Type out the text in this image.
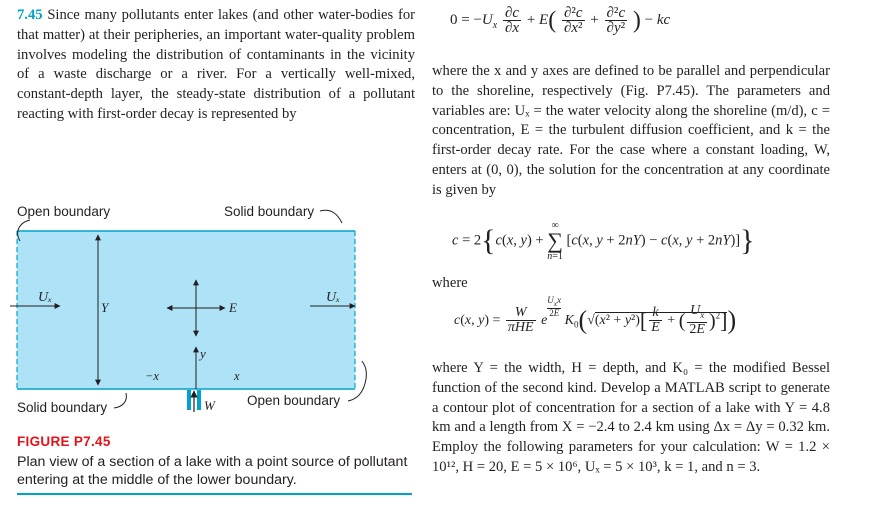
7.45 Since many pollutants enter lakes (and other water-bodies for that matter) at their peripheries, an important water-quality problem involves modeling the distribution of contaminants in the vicinity of a waste discharge or a river. For a vertically well-mixed, constant-depth layer, the steady-state distribution of a pollutant reacting with first-order decay is represented by
Open boundary	Solid boundary
Solid boundary	Open boundary
Uₓ	Uₓ
Y	E
y
−x	x
W
FIGURE P7.45
Plan view of a section of a lake with a point source of pollutant entering at the middle of the lower boundary.
$0 = -U_x \frac{\partial c}{\partial x} + E( \frac{\text{∂²c}}{\text{∂x²}} + \frac{\text{∂²c}}{\text{∂y²}}$ ) − kc
where the x and y axes are defined to be parallel and perpendicular to the shoreline, respectively (Fig. P7.45). The parameters and variables are: Uₓ = the water velocity along the shoreline (m/d), c = concentration, E = the turbulent diffusion coefficient, and k = the first-order decay rate. For the case where a constant loading, W, enters at (0, 0), the solution for the concentration at any coordinate is given by
c = 2{c(x, y) +
∞
∑
n=1
[c(x, y + 2nY) − c(x, y + 2nY)]}
where
c(x, $y) = \frac{W}{\text{πHE}}$ e
$^{U_xx 2E}$ $K_0(√(x^2 + y^2)[ \frac{k}{E}$ + ( $\frac{U_x}{2E} )^2$])
where Y = the width, H = depth, and K₀ = the modified Bessel function of the second kind. Develop a MATLAB script to generate a contour plot of concentration for a section of a lake with Y = 4.8 km and a length from X = −2.4 to 2.4 km using Δx = Δy = 0.32 km. Employ the following parameters for your calculation: W = 1.2 × 10¹², H = 20, E = 5 × 10⁶, Uₓ = 5 × 10³, k = 1, and n = 3.
